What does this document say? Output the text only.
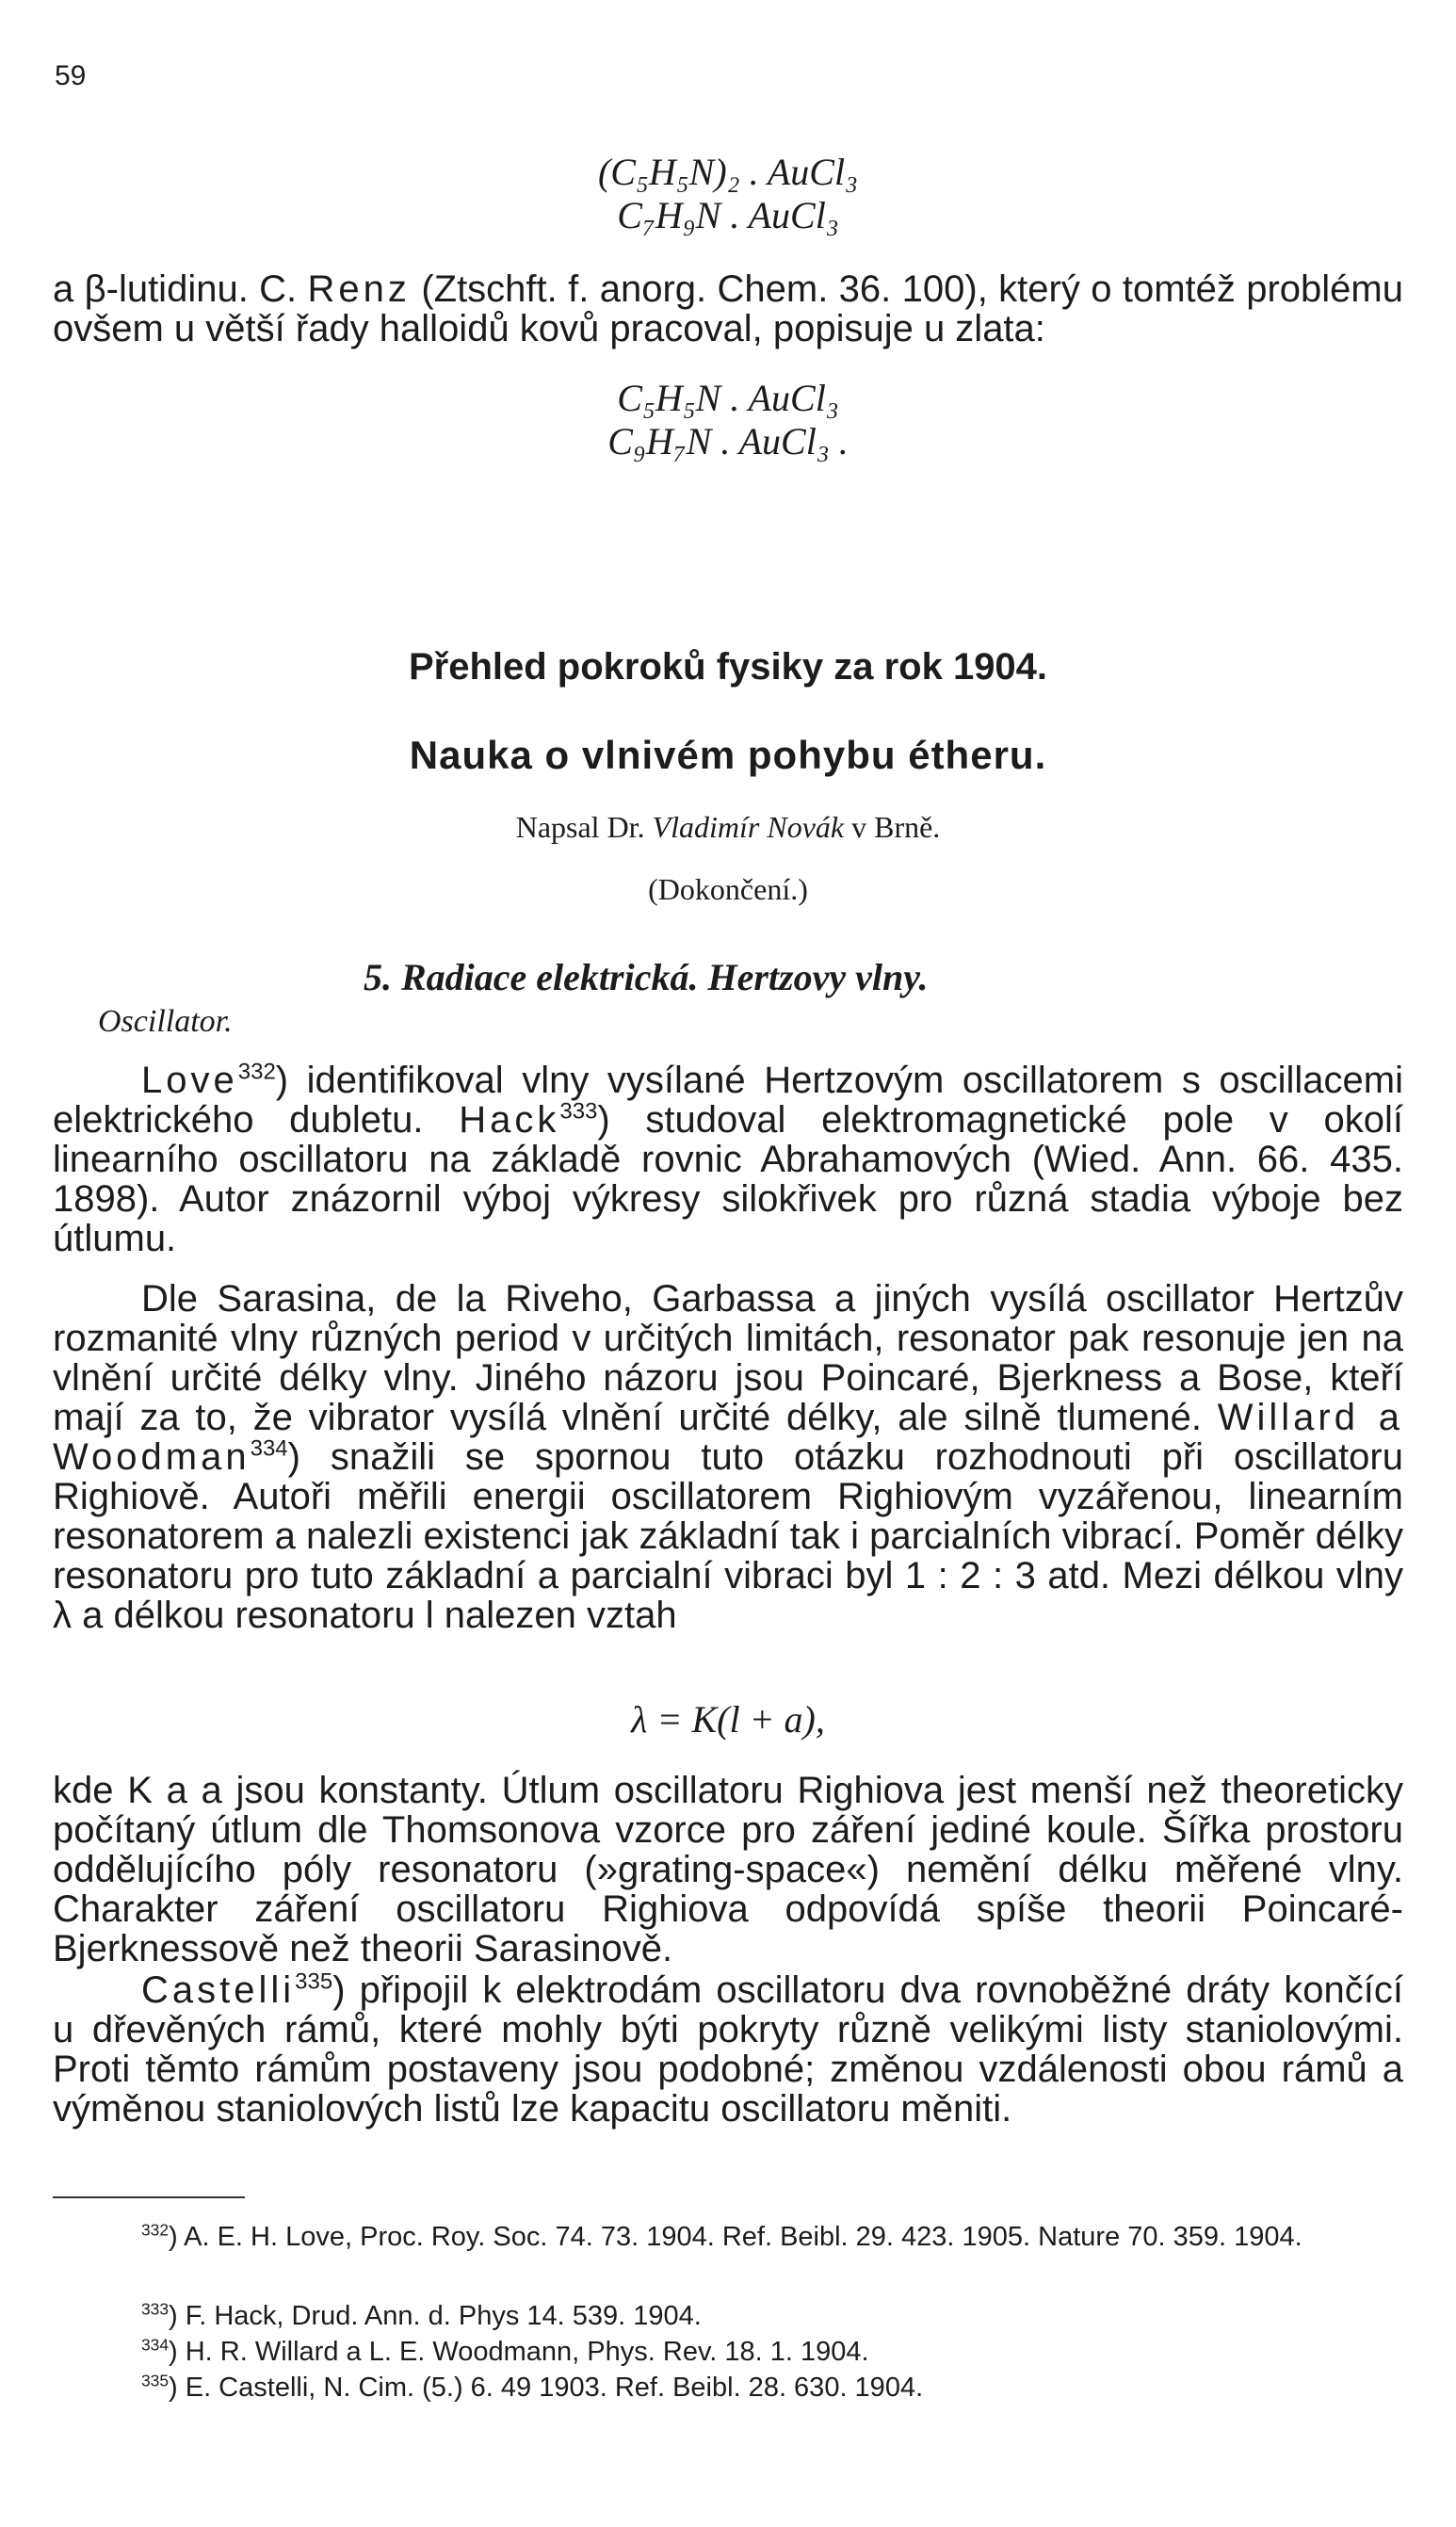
59
(C₅H₅N)₂ . AuCl₃
C₇H₉N . AuCl₃
a β-lutidinu. C. Renz (Ztschft. f. anorg. Chem. 36. 100), který o tomtéž problému ovšem u větší řady halloidů kovů pracoval, popisuje u zlata:
C₅H₅N . AuCl₃
C₉H₇N . AuCl₃ .
Přehled pokroků fysiky za rok 1904.
Nauka o vlnivém pohybu étheru.
Napsal Dr. Vladimír Novák v Brně.
(Dokončení.)
5. Radiace elektrická. Hertzovy vlny.
Oscillator.
Love$^{332}$) identifikoval vlny vysílané Hertzovým oscillatorem s oscillacemi elektrického dubletu. Hack$^{333}$) studoval elektromagnetické pole v okolí linearního oscillatoru na základě rovnic Abrahamových (Wied. Ann. 66. 435. 1898). Autor znázornil výboj výkresy silokřivek pro různá stadia výboje bez útlumu.
Dle Sarasina, de la Riveho, Garbassa a jiných vysílá oscillator Hertzův rozmanité vlny různých period v určitých limitách, resonator pak resonuje jen na vlnění určité délky vlny. Jiného názoru jsou Poincaré, Bjerkness a Bose, kteří mají za to, že vibrator vysílá vlnění určité délky, ale silně tlumené. Willard a Woodman$^{334}$) snažili se spornou tuto otázku rozhodnouti při oscillatoru Righiově. Autoři měřili energii oscillatorem Righiovým vyzářenou, linearním resonatorem a nalezli existenci jak základní tak i parcialních vibrací. Poměr délky resonatoru pro tuto základní a parcialní vibraci byl 1 : 2 : 3 atd. Mezi délkou vlny λ a délkou resonatoru l nalezen vztah
λ = K(l + a),
kde K a a jsou konstanty. Útlum oscillatoru Righiova jest menší než theoreticky počítaný útlum dle Thomsonova vzorce pro záření jediné koule. Šířka prostoru oddělujícího póly resonatoru (»grating-space«) nemění délku měřené vlny. Charakter záření oscillatoru Righiova odpovídá spíše theorii Poincaré-Bjerknessově než theorii Sarasinově.
Castelli$^{335}$) připojil k elektrodám oscillatoru dva rovnoběžné dráty končící u dřevěných rámů, které mohly býti pokryty různě velikými listy staniolovými. Proti těmto rámům postaveny jsou podobné; změnou vzdálenosti obou rámů a výměnou staniolových listů lze kapacitu oscillatoru měniti.
$^{332}$) A. E. H. Love, Proc. Roy. Soc. 74. 73. 1904. Ref. Beibl. 29. 423. 1905. Nature 70. 359. 1904.
$^{333}$) F. Hack, Drud. Ann. d. Phys 14. 539. 1904.
$^{334}$) H. R. Willard a L. E. Woodmann, Phys. Rev. 18. 1. 1904.
$^{335}$) E. Castelli, N. Cim. (5.) 6. 49 1903. Ref. Beibl. 28. 630. 1904.
